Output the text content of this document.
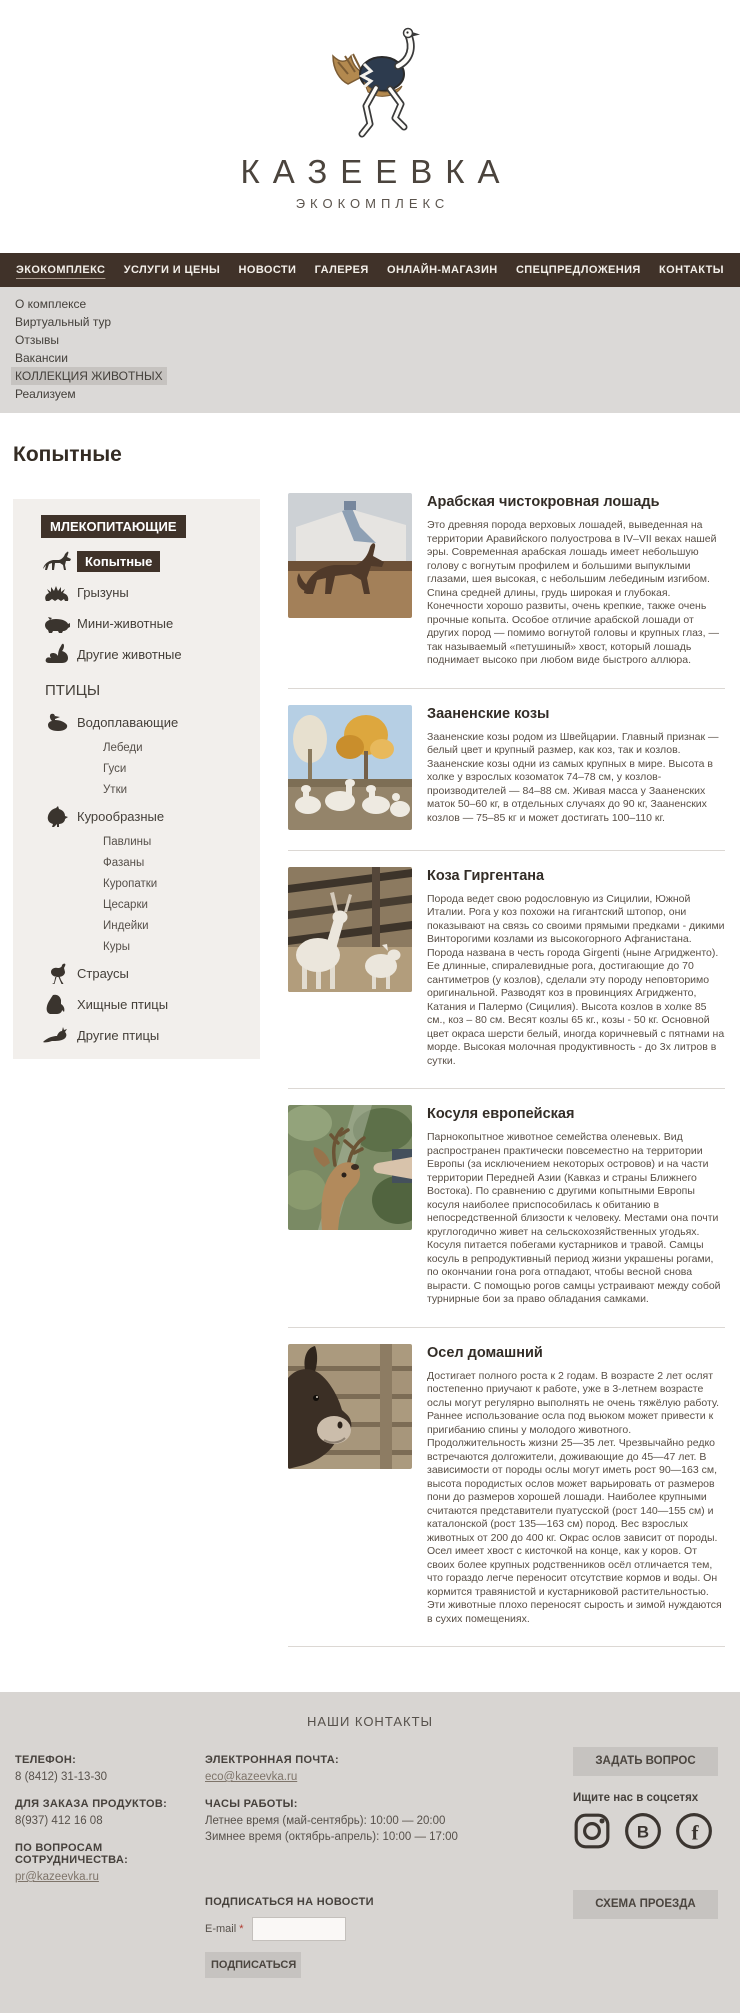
КАЗЕЕВКА
ЭКОКОМПЛЕКС
ЭКОКОМПЛЕКС УСЛУГИ И ЦЕНЫ НОВОСТИ ГАЛЕРЕЯ ОНЛАЙН-МАГАЗИН СПЕЦПРЕДЛОЖЕНИЯ КОНТАКТЫ
О комплексе
Виртуальный тур
Отзывы
Вакансии
КОЛЛЕКЦИЯ ЖИВОТНЫХ
Реализуем
Копытные
МЛЕКОПИТАЮЩИЕ
Копытные
Грызуны
Мини-животные
Другие животные
ПТИЦЫ
Водоплавающие
Лебеди
Гуси
Утки
Курообразные
Павлины
Фазаны
Куропатки
Цесарки
Индейки
Куры
Страусы
Хищные птицы
Другие птицы
Арабская чистокровная лошадь

Это древняя порода верховых лошадей, выведенная на территории Аравийского полуострова в IV–VII веках нашей эры. Современная арабская лошадь имеет небольшую голову с вогнутым профилем и большими выпуклыми глазами, шея высокая, с небольшим лебединым изгибом. Спина средней длины, грудь широкая и глубокая. Конечности хорошо развиты, очень крепкие, также очень прочные копыта. Особое отличие арабской лошади от других пород — помимо вогнутой головы и крупных глаз, — так называемый «петушиный» хвост, который лошадь поднимает высоко при любом виде быстрого аллюра.

Зааненские козы

Зааненские козы родом из Швейцарии. Главный признак — белый цвет и крупный размер, как коз, так и козлов. Зааненские козы одни из самых крупных в мире. Высота в холке у взрослых козоматок 74–78 см, у козлов-производителей — 84–88 см. Живая масса у Зааненских маток 50–60 кг, в отдельных случаях до 90 кг, Зааненских козлов — 75–85 кг и может достигать 100–110 кг.

Коза Гиргентана

Порода ведет свою родословную из Сицилии, Южной Италии. Рога у коз похожи на гигантский штопор, они показывают на связь со своими прямыми предками - дикими Винторогими козлами из высокогорного Афганистана. Порода названа в честь города Girgenti (ныне Агридженто). Ее длинные, спиралевидные рога, достигающие до 70 сантиметров (у козлов), сделали эту породу неповторимо оригинальной. Разводят коз в провинциях Агридженто, Катания и Палермо (Сицилия). Высота козлов в холке 85 см., коз – 80 см. Весят козлы 65 кг., козы - 50 кг. Основной цвет окраса шерсти белый, иногда коричневый с пятнами на морде. Высокая молочная продуктивность - до 3х литров в сутки.

Косуля европейская

Парнокопытное животное семейства оленевых. Вид распространен практически повсеместно на территории Европы (за исключением некоторых островов) и на части территории Передней Азии (Кавказ и страны Ближнего Востока). По сравнению с другими копытными Европы косуля наиболее приспособилась к обитанию в непосредственной близости к человеку. Местами она почти круглогодично живет на сельскохозяйственных угодьях. Косуля питается побегами кустарников и травой. Самцы косуль в репродуктивный период жизни украшены рогами, по окончании гона рога отпадают, чтобы весной снова вырасти. С помощью рогов самцы устраивают между собой турнирные бои за право обладания самками.

Осел домашний

Достигает полного роста к 2 годам. В возрасте 2 лет ослят постепенно приучают к работе, уже в 3-летнем возрасте ослы могут регулярно выполнять не очень тяжёлую работу. Раннее использование осла под вьюком может привести к пригибанию спины у молодого животного. Продолжительность жизни 25—35 лет. Чрезвычайно редко встречаются долгожители, доживающие до 45—47 лет. В зависимости от породы ослы могут иметь рост 90—163 см, высота породистых ослов может варьировать от размеров пони до размеров хорошей лошади. Наиболее крупными считаются представители пуатусской (рост 140—155 см) и каталонской (рост 135—163 см) пород. Вес взрослых животных от 200 до 400 кг. Окрас ослов зависит от породы. Осел имеет хвост с кисточкой на конце, как у коров. От своих более крупных родственников осёл отличается тем, что гораздо легче переносит отсутствие кормов и воды. Он кормится травянистой и кустарниковой растительностью. Эти животные плохо переносят сырость и зимой нуждаются в сухих помещениях.

НАШИ КОНТАКТЫ
ТЕЛЕФОН:
8 (8412) 31-13-30
ДЛЯ ЗАКАЗА ПРОДУКТОВ:
8(937) 412 16 08
ПО ВОПРОСАМ СОТРУДНИЧЕСТВА:
pr@kazeevka.ru
ЭЛЕКТРОННАЯ ПОЧТА:
eco@kazeevka.ru
ЧАСЫ РАБОТЫ:
Летнее время (май-сентябрь): 10:00 — 20:00
Зимнее время (октябрь-апрель): 10:00 — 17:00
ЗАДАТЬ ВОПРОС
Ищите нас в соцсетях
В f
СХЕМА ПРОЕЗДА
ПОДПИСАТЬСЯ НА НОВОСТИ
E-mail *
ПОДПИСАТЬСЯ
